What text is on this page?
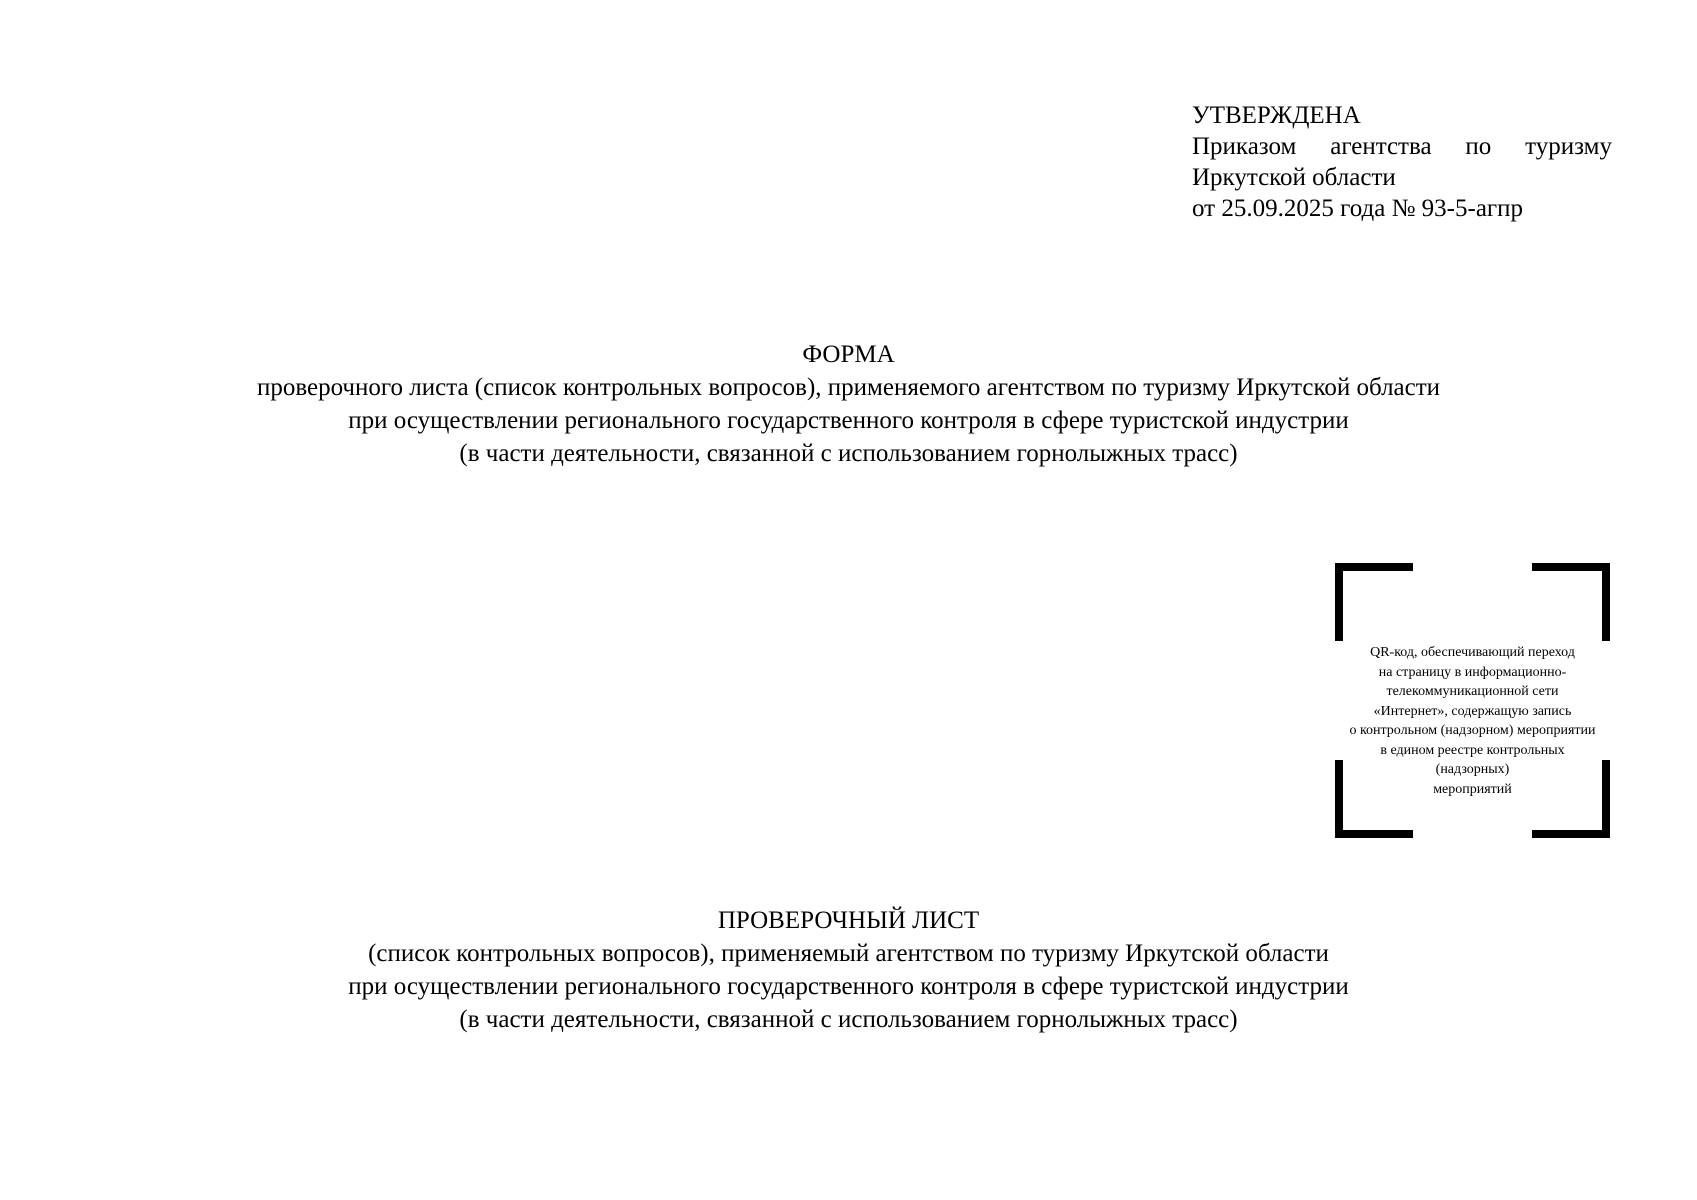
УТВЕРЖДЕНА
Приказом агентства по туризму
Иркутской области
от 25.09.2025 года № 93-5-агпр
ФОРМА
проверочного листа (список контрольных вопросов), применяемого агентством по туризму Иркутской области
при осуществлении регионального государственного контроля в сфере туристской индустрии
(в части деятельности, связанной с использованием горнолыжных трасс)
QR-код, обеспечивающий переход
на страницу в информационно-
телекоммуникационной сети
«Интернет», содержащую запись
о контрольном (надзорном) мероприятии
в едином реестре контрольных
(надзорных)
мероприятий
ПРОВЕРОЧНЫЙ ЛИСТ
(список контрольных вопросов), применяемый агентством по туризму Иркутской области
при осуществлении регионального государственного контроля в сфере туристской индустрии
(в части деятельности, связанной с использованием горнолыжных трасс)
